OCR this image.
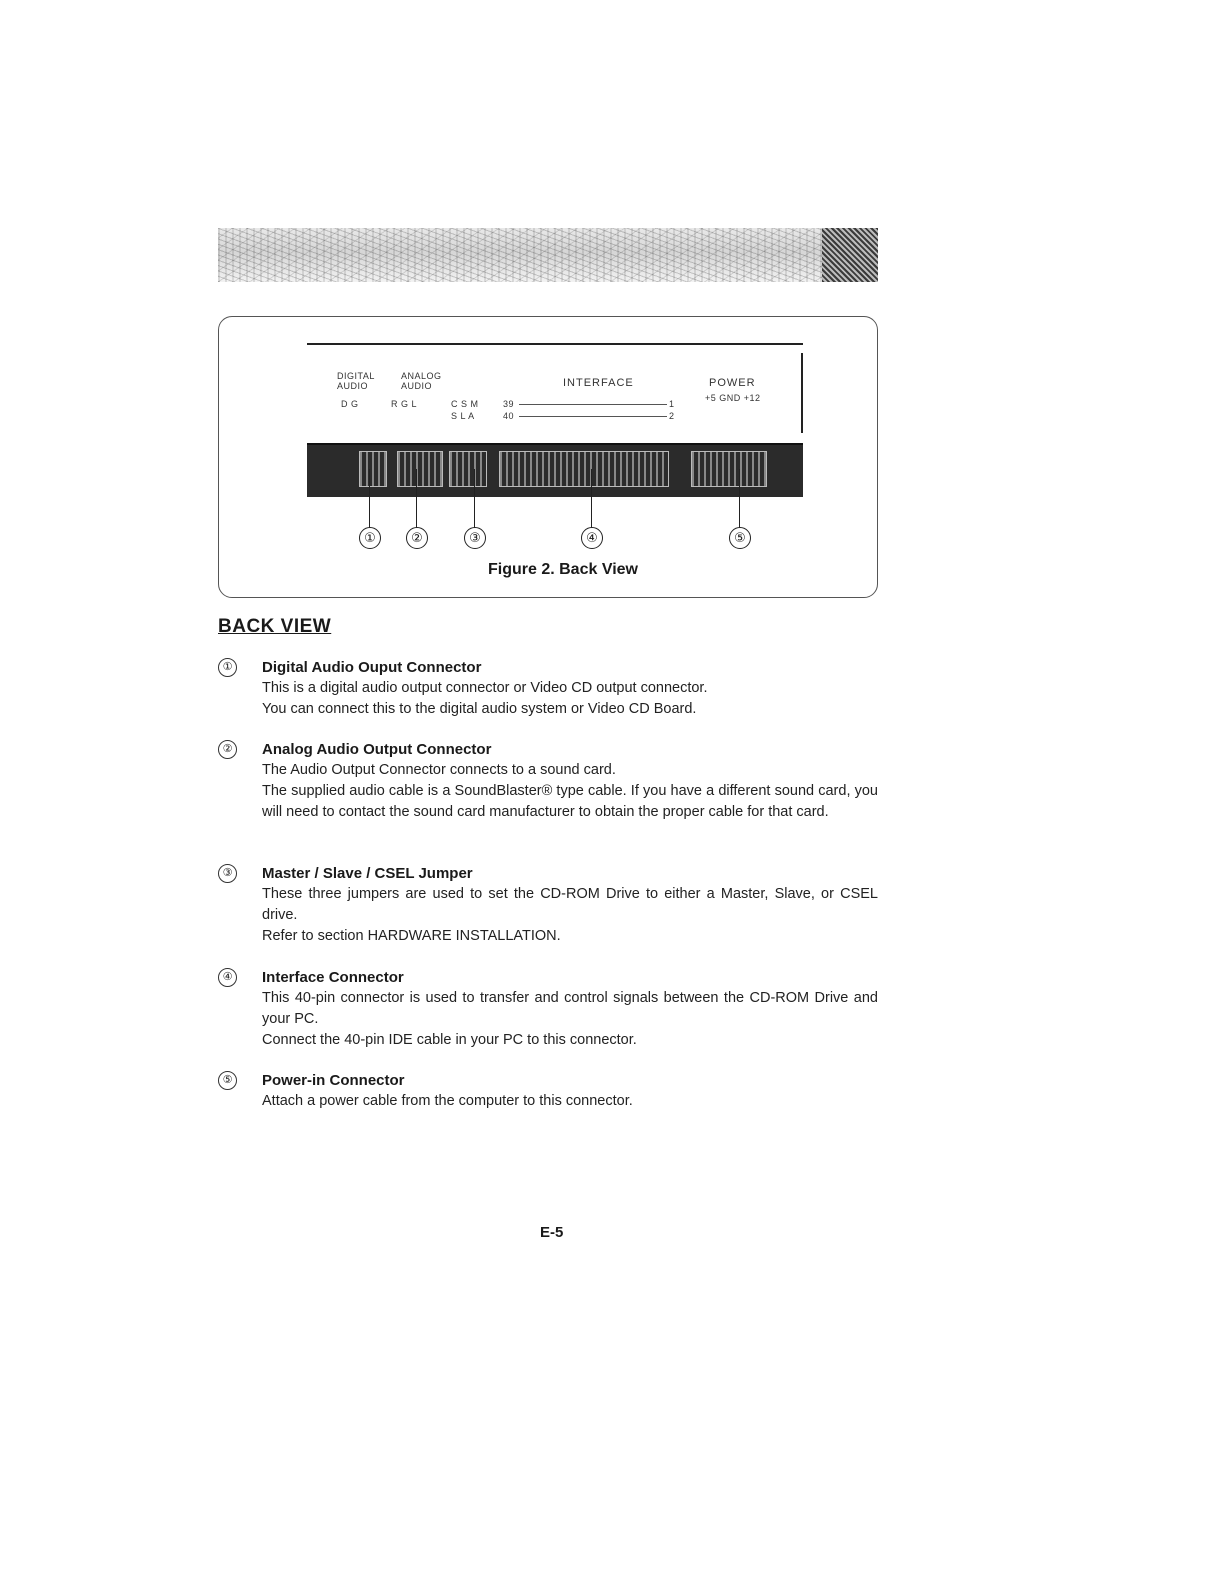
DIGITAL AUDIO
ANALOG AUDIO
D G	R G L	C S M
S L A
INTERFACE
39
40
1
2
POWER
+5 GND +12
①	②	③	④	⑤
Figure 2. Back View
BACK VIEW
①	Digital Audio Ouput Connector
This is a digital audio output connector or Video CD output connector.
You can connect this to the digital audio system or Video CD Board.
②	Analog Audio Output Connector
The Audio Output Connector connects to a sound card.
The supplied audio cable is a SoundBlaster® type cable. If you have a different sound card, you will need to contact the sound card manufacturer to obtain the proper cable for that card.
③	Master / Slave / CSEL Jumper
These three jumpers are used to set the CD-ROM Drive to either a Master, Slave, or CSEL drive.
Refer to section HARDWARE INSTALLATION.
④	Interface Connector
This 40-pin connector is used to transfer and control signals between the CD-ROM Drive and your PC.
Connect the 40-pin IDE cable in your PC to this connector.
⑤	Power-in Connector
Attach a power cable from the computer to this connector.
E-5
